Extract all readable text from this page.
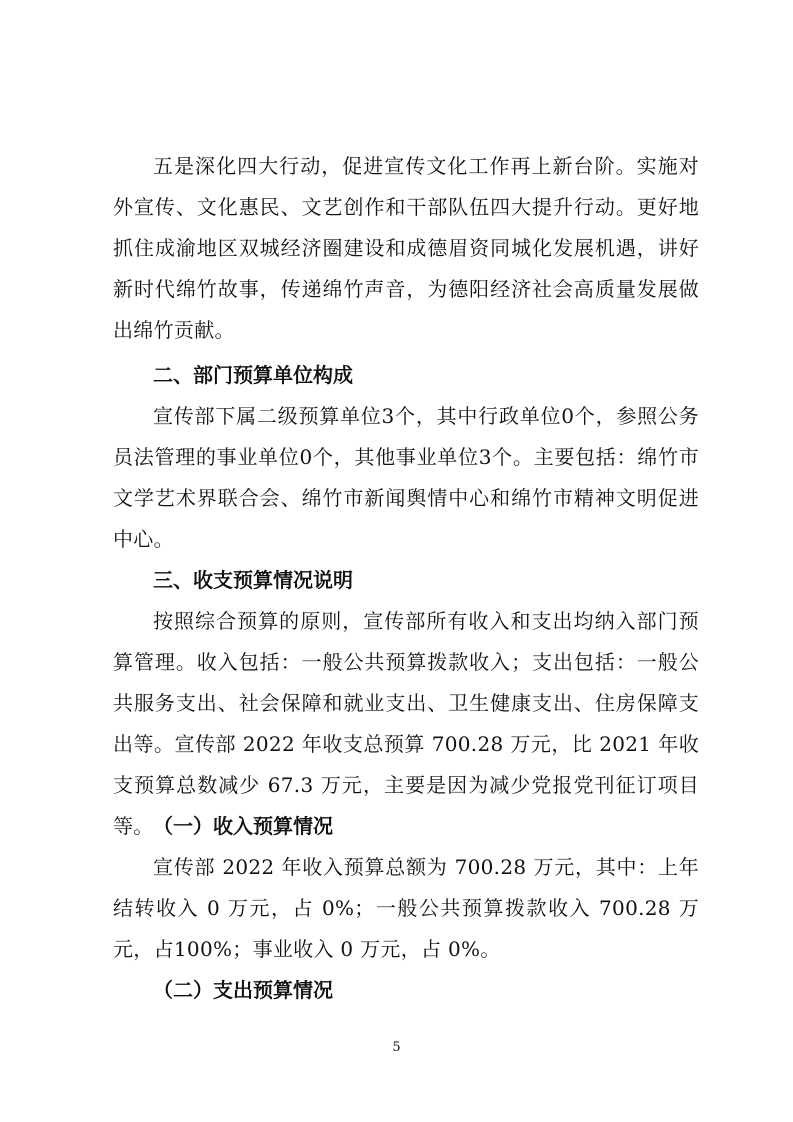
五是深化四大行动，促进宣传文化工作再上新台阶。实施对外宣传、文化惠民、文艺创作和干部队伍四大提升行动。更好地抓住成渝地区双城经济圈建设和成德眉资同城化发展机遇，讲好新时代绵竹故事，传递绵竹声音，为德阳经济社会高质量发展做出绵竹贡献。

二、部门预算单位构成

宣传部下属二级预算单位3个，其中行政单位0个，参照公务员法管理的事业单位0个，其他事业单位3个。主要包括：绵竹市文学艺术界联合会、绵竹市新闻舆情中心和绵竹市精神文明促进中心。

三、收支预算情况说明

按照综合预算的原则，宣传部所有收入和支出均纳入部门预算管理。收入包括：一般公共预算拨款收入；支出包括：一般公共服务支出、社会保障和就业支出、卫生健康支出、住房保障支出等。宣传部 2022 年收支总预算 700.28 万元，比 2021 年收支预算总数减少 67.3 万元，主要是因为减少党报党刊征订项目等。 （一）收入预算情况

宣传部 2022 年收入预算总额为 700.28 万元，其中：上年结转收入 0 万元，占 0%；一般公共预算拨款收入 700.28 万元，占100%；事业收入 0 万元，占 0%。

（二）支出预算情况
5
